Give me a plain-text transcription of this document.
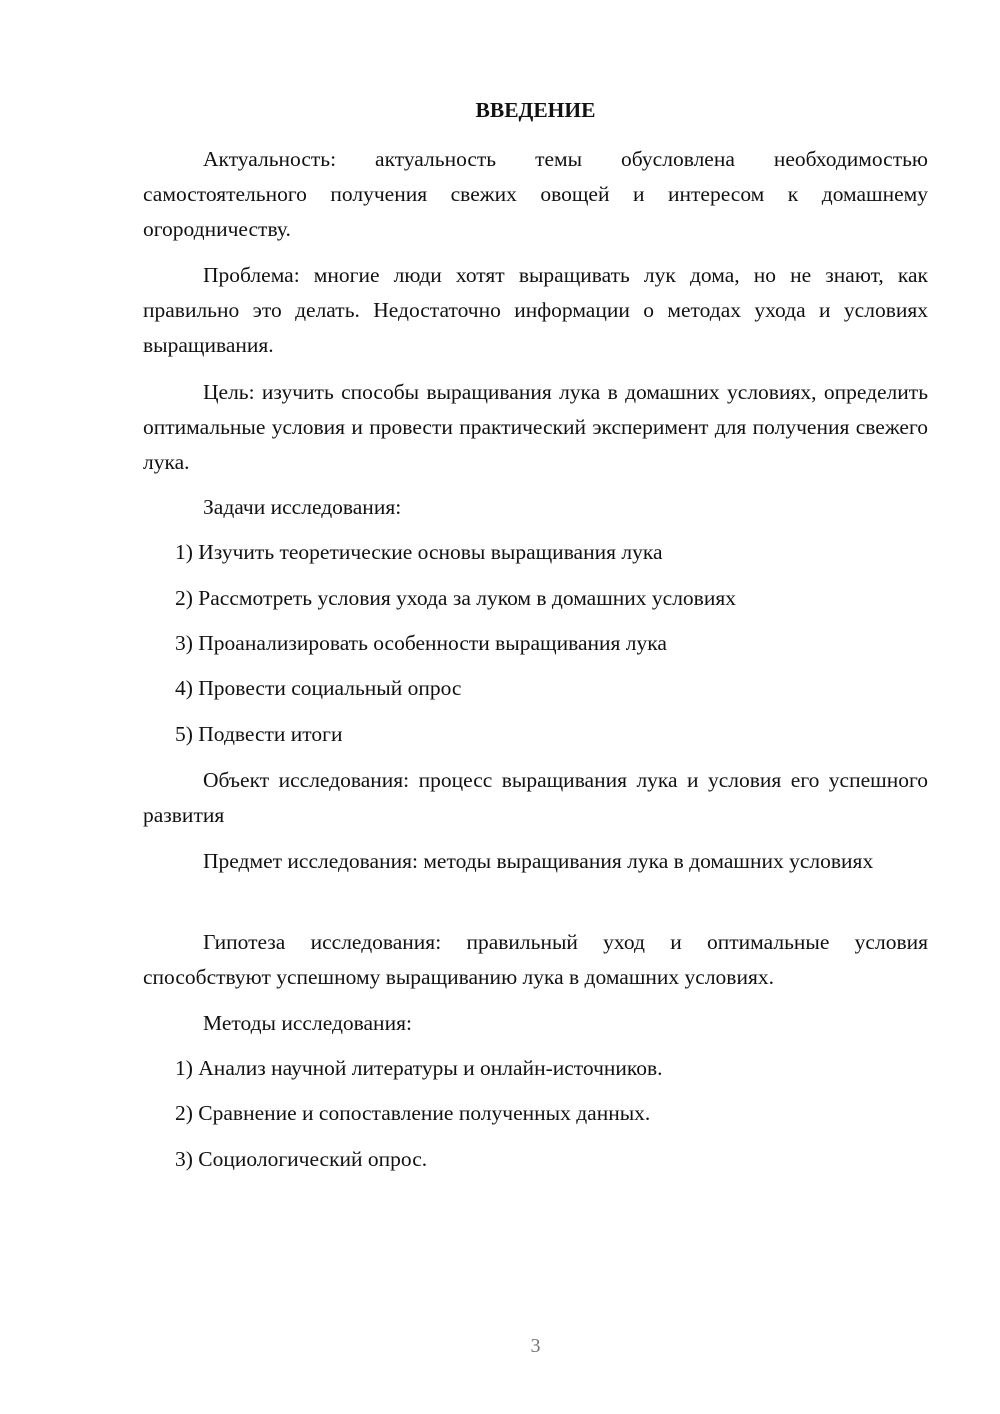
ВВЕДЕНИЕ

Актуальность: актуальность темы обусловлена необходимостью самостоятельного получения свежих овощей и интересом к домашнему огородничеству.

Проблема: многие люди хотят выращивать лук дома, но не знают, как правильно это делать. Недостаточно информации о методах ухода и условиях выращивания.

Цель: изучить способы выращивания лука в домашних условиях, определить оптимальные условия и провести практический эксперимент для получения свежего лука.

Задачи исследования:

1) Изучить теоретические основы выращивания лука

2) Рассмотреть условия ухода за луком в домашних условиях

3) Проанализировать особенности выращивания лука

4) Провести социальный опрос

5) Подвести итоги

Объект исследования: процесс выращивания лука и условия его успешного развития

Предмет исследования: методы выращивания лука в домашних условиях

Гипотеза исследования: правильный уход и оптимальные условия способствуют успешному выращиванию лука в домашних условиях.

Методы исследования:

1) Анализ научной литературы и онлайн-источников.

2) Сравнение и сопоставление полученных данных.

3) Социологический опрос.

3
